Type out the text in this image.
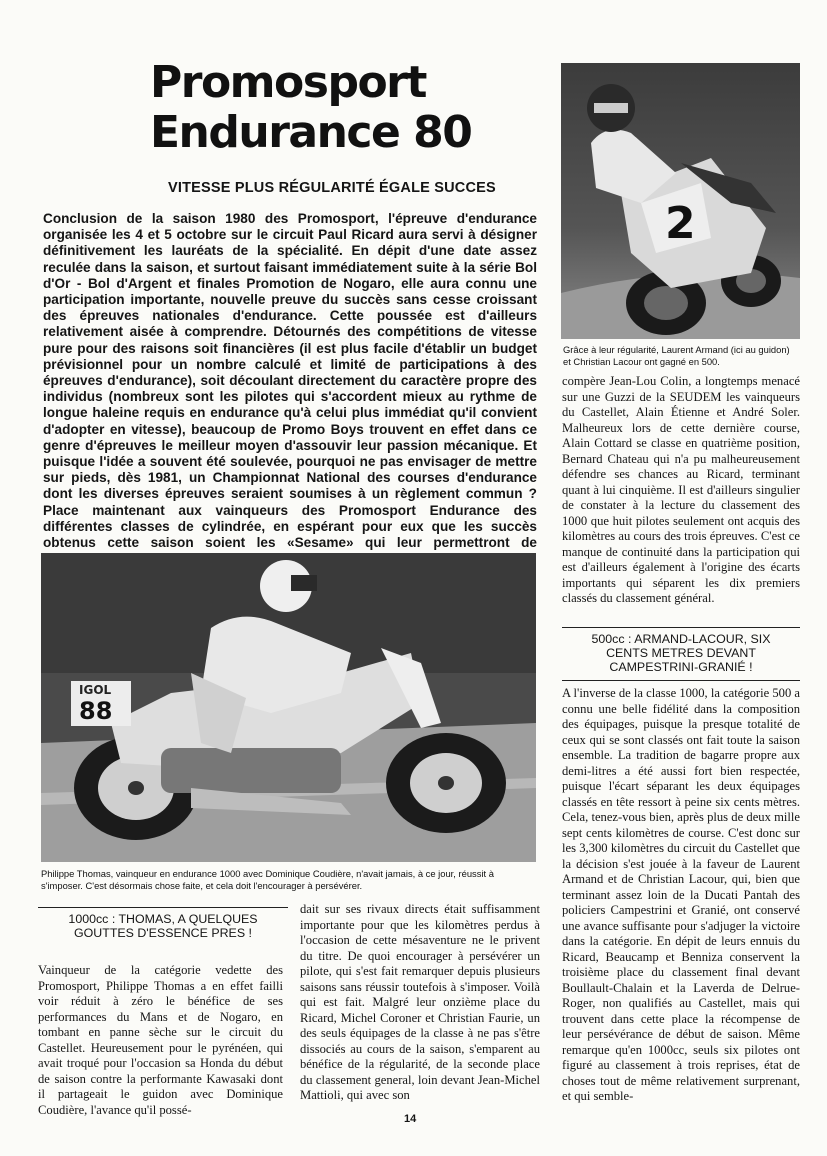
Promosport
Endurance 80
VITESSE PLUS RÉGULARITÉ ÉGALE SUCCES
Conclusion de la saison 1980 des Promosport, l'épreuve d'endurance organisée les 4 et 5 octobre sur le circuit Paul Ricard aura servi à désigner définitivement les lauréats de la spécialité. En dépit d'une date assez reculée dans la saison, et surtout faisant immédiatement suite à la série Bol d'Or - Bol d'Argent et finales Promotion de Nogaro, elle aura connu une participation importante, nouvelle preuve du succès sans cesse croissant des épreuves nationales d'endurance. Cette poussée est d'ailleurs relativement aisée à comprendre. Détournés des compétitions de vitesse pure pour des raisons soit financières (il est plus facile d'établir un budget prévisionnel pour un nombre calculé et limité de participations à des épreuves d'endurance), soit découlant directement du caractère propre des individus (nombreux sont les pilotes qui s'accordent mieux au rythme de longue haleine requis en endurance qu'à celui plus immédiat qu'il convient d'adopter en vitesse), beaucoup de Promo Boys trouvent en effet dans ce genre d'épreuves le meilleur moyen d'assouvir leur passion mécanique. Et puisque l'idée a souvent été soulevée, pourquoi ne pas envisager de mettre sur pieds, dès 1981, un Championnat National des courses d'endurance dont les diverses épreuves seraient soumises à un règlement commun ? Place maintenant aux vainqueurs des Promosport Endurance des différentes classes de cylindrée, en espérant pour eux que les succès obtenus cette saison soient les «Sesame» qui leur permettront de
2
Grâce à leur régularité, Laurent Armand (ici au guidon) et Christian Lacour ont gagné en 500.
IGOL
88
Philippe Thomas, vainqueur en endurance 1000 avec Dominique Coudière, n'avait jamais, à ce jour, réussit à s'imposer. C'est désormais chose faite, et cela doit l'encourager à persévérer.
1000cc : THOMAS, A QUELQUES GOUTTES D'ESSENCE PRES !
Vainqueur de la catégorie vedette des Promosport, Philippe Thomas a en effet failli voir réduit à zéro le bénéfice de ses performances du Mans et de Nogaro, en tombant en panne sèche sur le circuit du Castellet. Heureusement pour le pyrénéen, qui avait troqué pour l'occasion sa Honda du début de saison contre la performante Kawasaki dont il partageait le guidon avec Dominique Coudière, l'avance qu'il possé-
dait sur ses rivaux directs était suffisamment importante pour que les kilomètres perdus à l'occasion de cette mésaventure ne le privent du titre. De quoi encourager à persévérer un pilote, qui s'est fait remarquer depuis plusieurs saisons sans réussir toutefois à s'imposer. Voilà qui est fait. Malgré leur onzième place du Ricard, Michel Coroner et Christian Faurie, un des seuls équipages de la classe à ne pas s'être dissociés au cours de la saison, s'emparent au bénéfice de la régularité, de la seconde place du classement general, loin devant Jean-Michel Mattioli, qui avec son
compère Jean-Lou Colin, a longtemps menacé sur une Guzzi de la SEUDEM les vainqueurs du Castellet, Alain Étienne et André Soler. Malheureux lors de cette dernière course, Alain Cottard se classe en quatrième position, Bernard Chateau qui n'a pu malheureusement défendre ses chances au Ricard, terminant quant à lui cinquième. Il est d'ailleurs singulier de constater à la lecture du classement des 1000 que huit pilotes seulement ont acquis des kilomètres au cours des trois épreuves. C'est ce manque de continuité dans la participation qui est d'ailleurs également à l'origine des écarts importants qui séparent les dix premiers classés du classement général.
500cc : ARMAND-LACOUR, SIX CENTS METRES DEVANT CAMPESTRINI-GRANIÉ !
A l'inverse de la classe 1000, la catégorie 500 a connu une belle fidélité dans la composition des équipages, puisque la presque totalité de ceux qui se sont classés ont fait toute la saison ensemble. La tradition de bagarre propre aux demi-litres a été aussi fort bien respectée, puisque l'écart séparant les deux équipages classés en tête ressort à peine six cents mètres. Cela, tenez-vous bien, après plus de deux mille sept cents kilomètres de course. C'est donc sur les 3,300 kilomètres du circuit du Castellet que la décision s'est jouée à la faveur de Laurent Armand et de Christian Lacour, qui, bien que terminant assez loin de la Ducati Pantah des policiers Campestrini et Granié, ont conservé une avance suffisante pour s'adjuger la victoire dans la catégorie. En dépit de leurs ennuis du Ricard, Beaucamp et Benniza conservent la troisième place du classement final devant Boullault-Chalain et la Laverda de Delrue-Roger, non qualifiés au Castellet, mais qui trouvent dans cette place la récompense de leur persévérance de début de saison. Même remarque qu'en 1000cc, seuls six pilotes ont figuré au classement à trois reprises, état de choses tout de même relativement surprenant, et qui semble-
14
